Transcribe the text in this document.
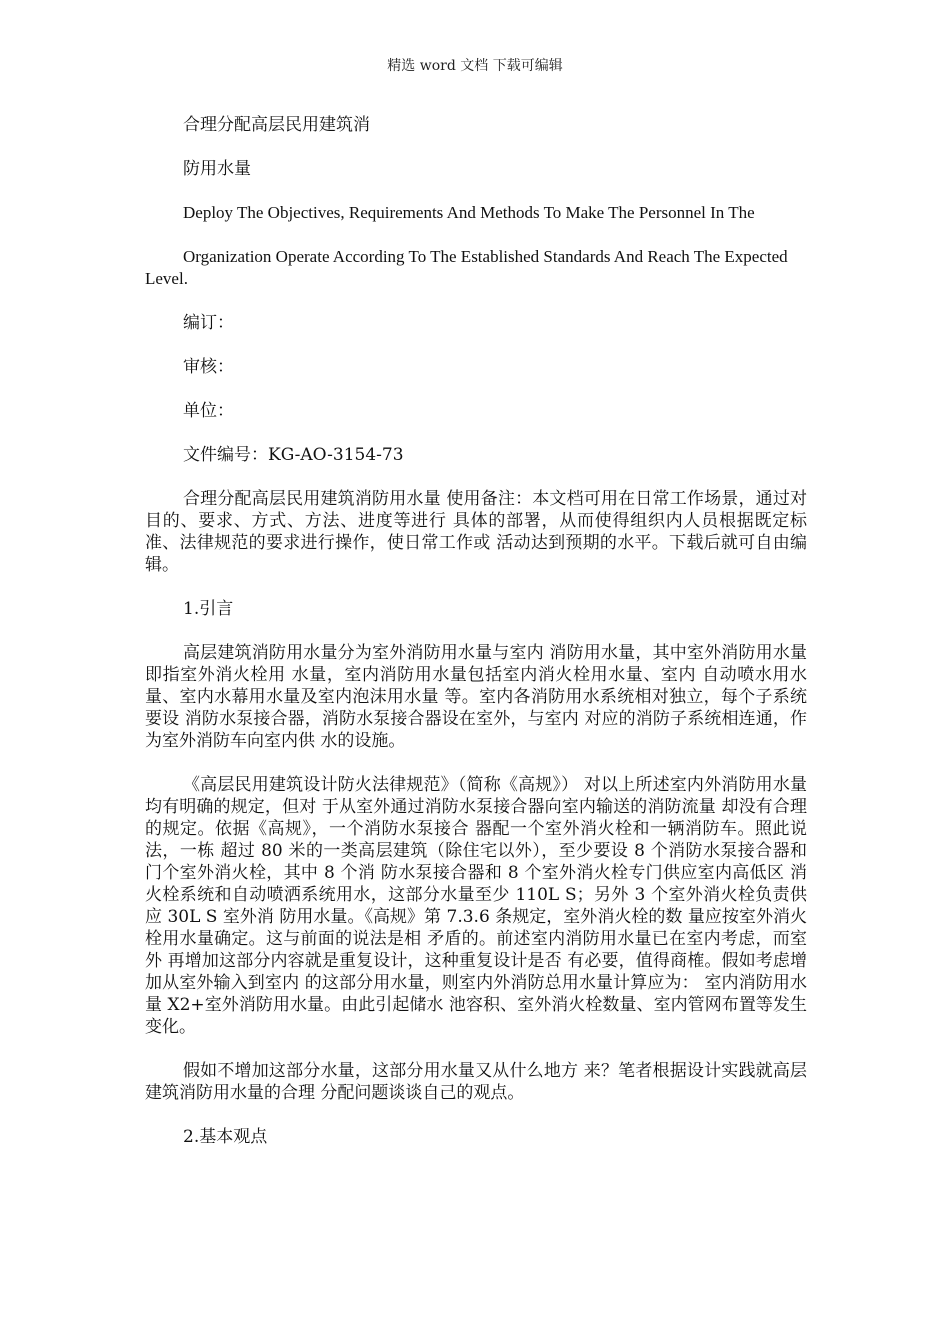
精选 word 文档 下载可编辑

合理分配高层民用建筑消

防用水量

Deploy The Objectives, Requirements And Methods To Make The Personnel In The

Organization Operate According To The Established Standards And Reach The Expected Level.

编订：

审核：

单位：

文件编号：KG-AO-3154-73

合理分配高层民用建筑消防用水量 使用备注：本文档可用在日常工作场景，通过对目的、要求、方式、方法、进度等进行 具体的部署，从而使得组织内人员根据既定标准、法律规范的要求进行操作，使日常工作或 活动达到预期的水平。下载后就可自由编辑。

1.引言

高层建筑消防用水量分为室外消防用水量与室内 消防用水量，其中室外消防用水量即指室外消火栓用 水量，室内消防用水量包括室内消火栓用水量、室内 自动喷水用水量、室内水幕用水量及室内泡沫用水量 等。室内各消防用水系统相对独立，每个子系统要设 消防水泵接合器，消防水泵接合器设在室外，与室内 对应的消防子系统相连通，作为室外消防车向室内供 水的设施。

《高层民用建筑设计防火法律规范》（简称《高规》） 对以上所述室内外消防用水量均有明确的规定，但对 于从室外通过消防水泵接合器向室内输送的消防流量 却没有合理的规定。依据《高规》，一个消防水泵接合 器配一个室外消火栓和一辆消防车。照此说法，一栋 超过 80 米的一类高层建筑（除住宅以外），至少要设 8 个消防水泵接合器和门个室外消火栓，其中 8 个消 防水泵接合器和 8 个室外消火栓专门供应室内高低区 消火栓系统和自动喷洒系统用水，这部分水量至少 110L S；另外 3 个室外消火栓负责供应 30L S 室外消 防用水量。《高规》第 7.3.6 条规定，室外消火栓的数 量应按室外消火栓用水量确定。这与前面的说法是相 矛盾的。前述室内消防用水量已在室内考虑，而室外 再增加这部分内容就是重复设计，这种重复设计是否 有必要，值得商榷。假如考虑增加从室外输入到室内 的这部分用水量，则室内外消防总用水量计算应为： 室内消防用水量 X2+室外消防用水量。由此引起储水 池容积、室外消火栓数量、室内管网布置等发生变化。

假如不增加这部分水量，这部分用水量又从什么地方 来？笔者根据设计实践就高层建筑消防用水量的合理 分配问题谈谈自己的观点。

2.基本观点
